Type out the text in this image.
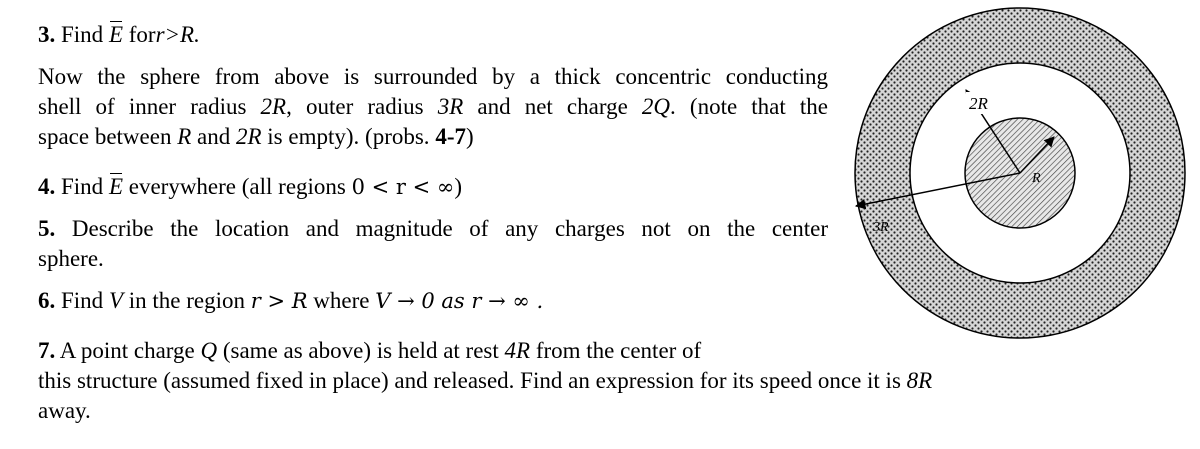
3. Find E forr>R.
Now the sphere from above is surrounded by a thick concentric conducting
shell of inner radius 2R, outer radius 3R and net charge 2Q. (note that the
space between R and 2R is empty). (probs. 4-7)
4. Find E everywhere (all regions 0 < r < ∞)
5. Describe the location and magnitude of any charges not on the center
sphere.
6. Find V in the region r > R where V → 0 as r → ∞ .
7. A point charge Q (same as above) is held at rest 4R from the center of
this structure (assumed fixed in place) and released. Find an expression for its speed once it is 8R
away.
2R
3R
R
